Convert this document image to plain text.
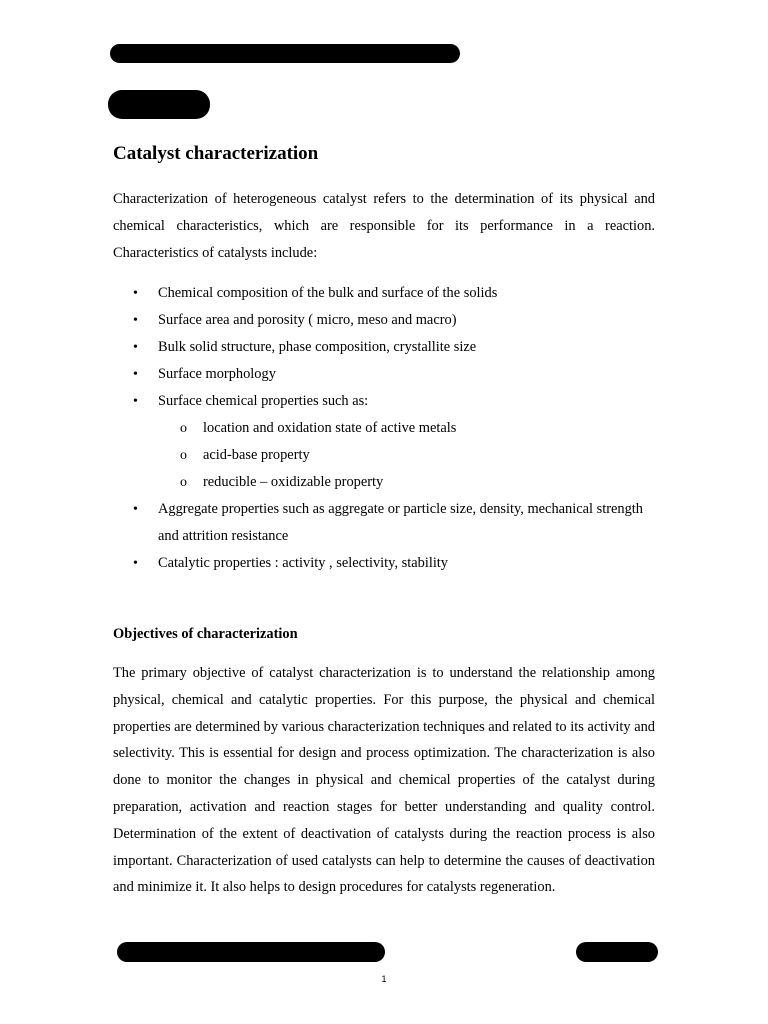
Catalyst characterization

Characterization of heterogeneous catalyst refers to the determination of its physical and chemical characteristics, which are responsible for its performance in a reaction. Characteristics of catalysts include:

• Chemical composition of the bulk and surface of the solids
• Surface area and porosity ( micro, meso and macro)
• Bulk solid structure, phase composition, crystallite size
• Surface morphology
• Surface chemical properties such as:
o location and oxidation state of active metals
o acid-base property
o reducible – oxidizable property
• Aggregate properties such as aggregate or particle size, density, mechanical strength and attrition resistance
• Catalytic properties : activity , selectivity, stability
Objectives of characterization

The primary objective of catalyst characterization is to understand the relationship among physical, chemical and catalytic properties. For this purpose, the physical and chemical properties are determined by various characterization techniques and related to its activity and selectivity. This is essential for design and process optimization. The characterization is also done to monitor the changes in physical and chemical properties of the catalyst during preparation, activation and reaction stages for better understanding and quality control. Determination of the extent of deactivation of catalysts during the reaction process is also important. Characterization of used catalysts can help to determine the causes of deactivation and minimize it. It also helps to design procedures for catalysts regeneration.

1
